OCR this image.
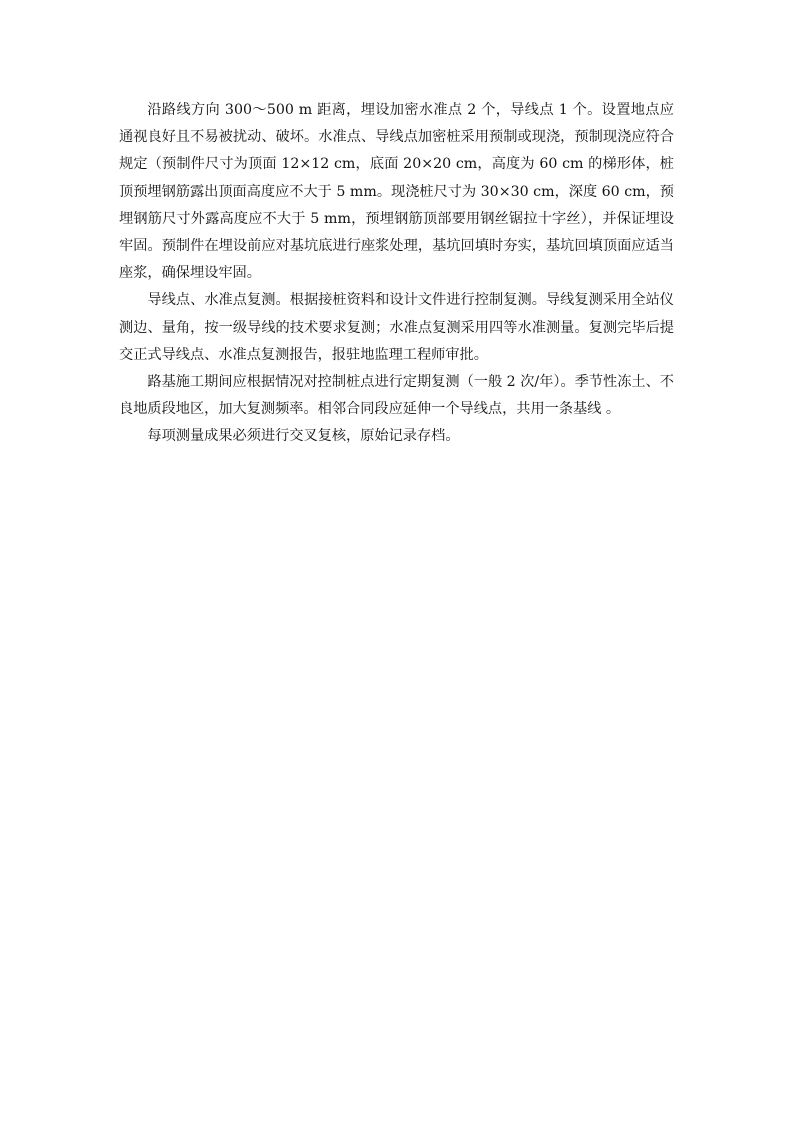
沿路线方向 300～500 m 距离，埋设加密水准点 2 个，导线点 1 个。设置地点应通视良好且不易被扰动、破坏。水准点、导线点加密桩采用预制或现浇，预制现浇应符合规定（预制件尺寸为顶面 12×12 cm，底面 20×20 cm，高度为 60 cm 的梯形体，桩顶预埋钢筋露出顶面高度应不大于 5 mm。现浇桩尺寸为 30×30 cm，深度 60 cm，预埋钢筋尺寸外露高度应不大于 5 mm，预埋钢筋顶部要用钢丝锯拉十字丝），并保证埋设牢固。预制件在埋设前应对基坑底进行座浆处理，基坑回填时夯实，基坑回填顶面应适当座浆，确保埋设牢固。

导线点、水准点复测。根据接桩资料和设计文件进行控制复测。导线复测采用全站仪测边、量角，按一级导线的技术要求复测；水准点复测采用四等水准测量。复测完毕后提交正式导线点、水准点复测报告，报驻地监理工程师审批。

路基施工期间应根据情况对控制桩点进行定期复测（一般 2 次/年）。季节性冻土、不良地质段地区，加大复测频率。相邻合同段应延伸一个导线点，共用一条基线 。

每项测量成果必须进行交叉复核，原始记录存档。
